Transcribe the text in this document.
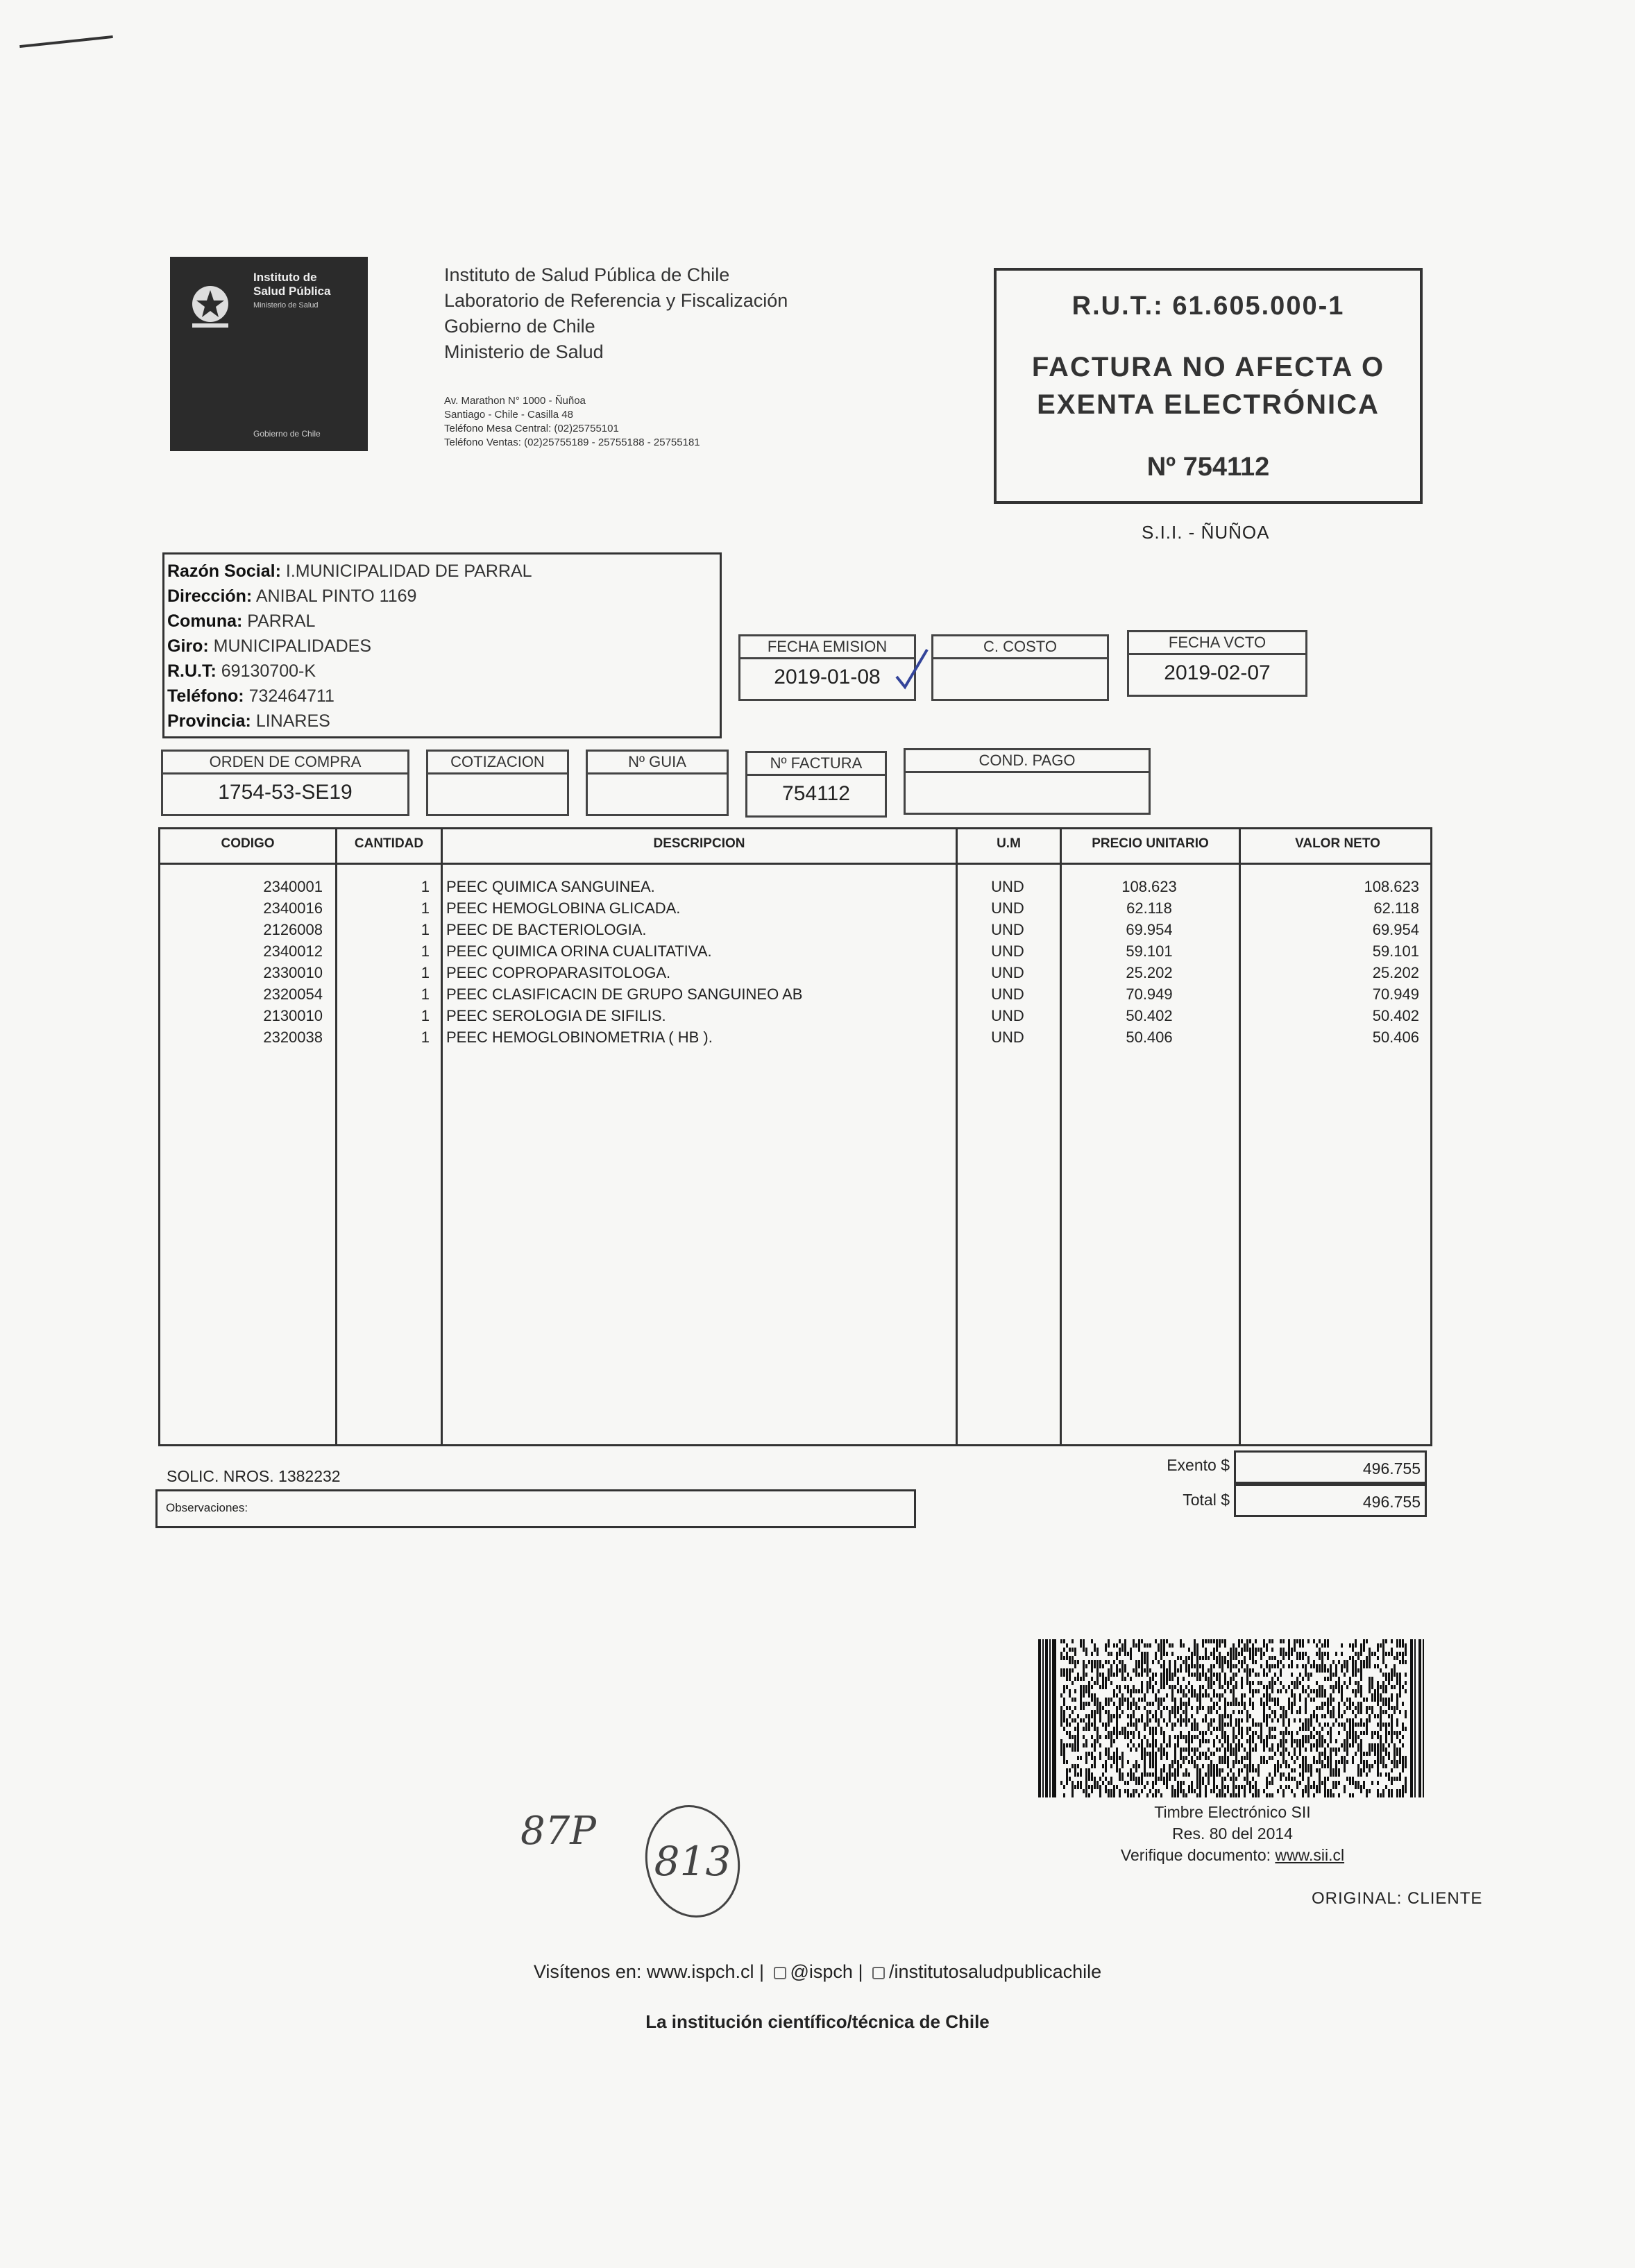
Instituto de
Salud Pública
Ministerio de Salud
Gobierno de Chile
Instituto de Salud Pública de Chile
Laboratorio de Referencia y Fiscalización
Gobierno de Chile
Ministerio de Salud
Av. Marathon N° 1000 - Ñuñoa
Santiago - Chile - Casilla 48
Teléfono Mesa Central: (02)25755101
Teléfono Ventas: (02)25755189 - 25755188 - 25755181
R.U.T.: 61.605.000-1
FACTURA NO AFECTA O
EXENTA ELECTRÓNICA
Nº 754112
S.I.I. - ÑUÑOA
Razón Social: I.MUNICIPALIDAD DE PARRAL
Dirección: ANIBAL PINTO 1169
Comuna: PARRAL
Giro: MUNICIPALIDADES
R.U.T: 69130700-K
Teléfono: 732464711
Provincia: LINARES
FECHA EMISION
2019-01-08
C. COSTO	FECHA VCTO
2019-02-07
ORDEN DE COMPRA
1754-53-SE19
COTIZACION	Nº GUIA	Nº FACTURA
754112
COND. PAGO
CODIGO	CANTIDAD	DESCRIPCION	U.M	PRECIO UNITARIO	VALOR NETO
2340001	1 PEEC QUIMICA SANGUINEA.	UND	108.623	108.623
2340016	1 PEEC HEMOGLOBINA GLICADA.	UND	62.118	62.118
2126008	1 PEEC DE BACTERIOLOGIA.	UND	69.954	69.954
2340012	1 PEEC QUIMICA ORINA CUALITATIVA.	UND	59.101	59.101
2330010	1 PEEC COPROPARASITOLOGA.	UND	25.202	25.202
2320054	1 PEEC CLASIFICACIN DE GRUPO SANGUINEO AB	UND	70.949	70.949
2130010	1 PEEC SEROLOGIA DE SIFILIS.	UND	50.402	50.402
2320038	1 PEEC HEMOGLOBINOMETRIA ( HB ).	UND	50.406	50.406
SOLIC. NROS. 1382232
Observaciones:
Exento $	496.755
Total $	496.755
Timbre Electrónico SII
Res. 80 del 2014
Verifique documento: www.sii.cl
ORIGINAL: CLIENTE
87P
813
Visítenos en: www.ispch.cl | @ispch | /institutosaludpublicachile
La institución científico/técnica de Chile
